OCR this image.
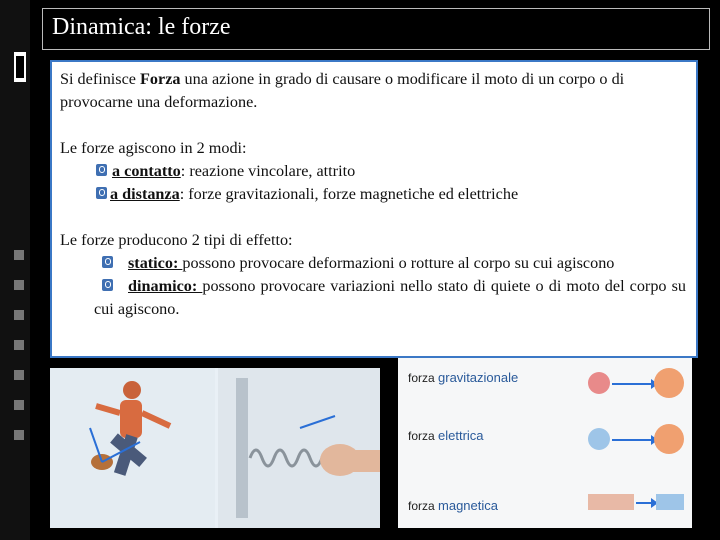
Dinamica: le forze

Si definisce Forza una azione in grado di causare o modificare il moto di un corpo o di provocarne una deformazione.

Le forze agiscono in 2 modi:

a contatto: reazione vincolare, attrito

a distanza: forze gravitazionali, forze magnetiche ed elettriche

Le forze producono 2 tipi di effetto:

statico: possono provocare deformazioni o rotture al corpo su cui agiscono

dinamico: possono provocare variazioni nello stato di quiete o di moto del corpo su cui agiscono.

forza gravitazionale
forza elettrica
forza magnetica
